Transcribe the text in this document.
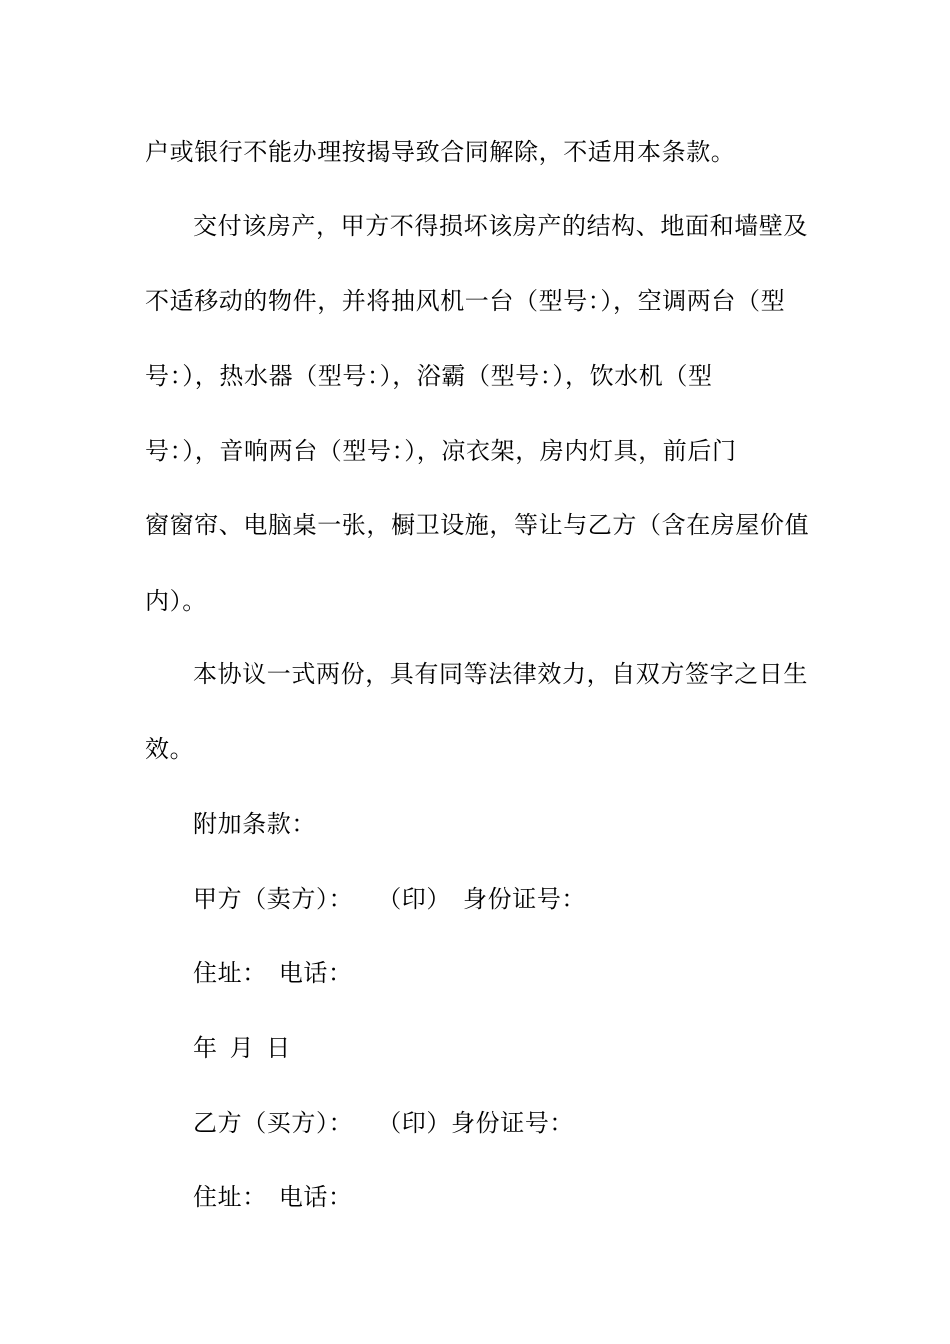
户或银行不能办理按揭导致合同解除，不适用本条款。
交付该房产，甲方不得损坏该房产的结构、地面和墙壁及
不适移动的物件，并将抽风机一台（型号：），空调两台（型
号：），热水器（型号：），浴霸（型号：），饮水机（型
号：），音响两台（型号：），凉衣架，房内灯具，前后门
窗窗帘、电脑桌一张，橱卫设施，等让与乙方（含在房屋价值
内）。
本协议一式两份，具有同等法律效力，自双方签字之日生
效。
附加条款：
甲方（卖方）： （印） 身份证号：
住址： 电话：
年 月 日
乙方（买方）： （印）身份证号：
住址： 电话：
